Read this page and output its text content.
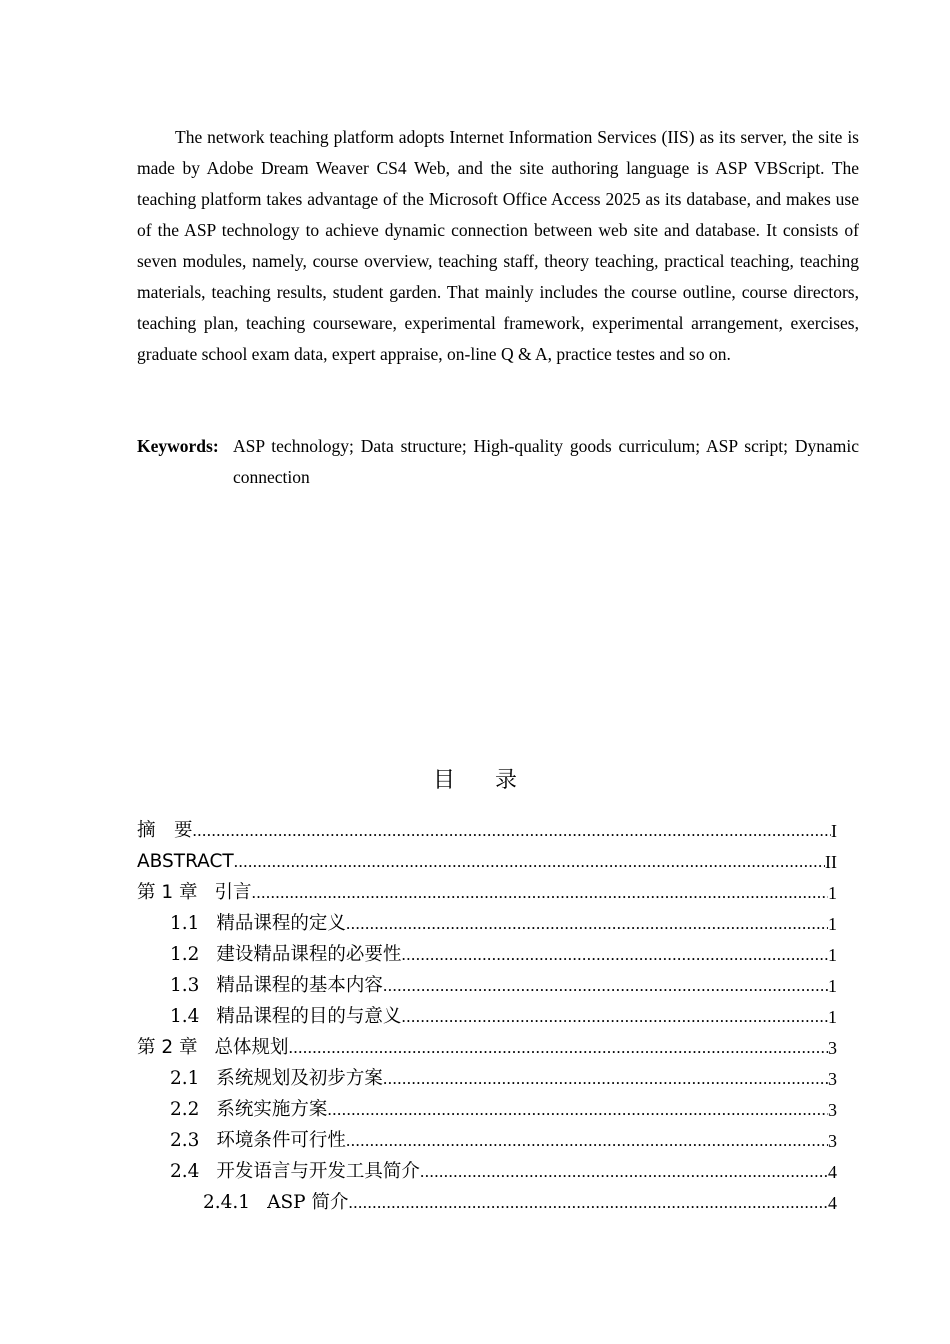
The network teaching platform adopts Internet Information Services (IIS) as its server, the site is made by Adobe Dream Weaver CS4 Web, and the site authoring language is ASP VBScript. The teaching platform takes advantage of the Microsoft Office Access 2025 as its database, and makes use of the ASP technology to achieve dynamic connection between web site and database. It consists of seven modules, namely, course overview, teaching staff, theory teaching, practical teaching, teaching materials, teaching results, student garden. That mainly includes the course outline, course directors, teaching plan, teaching courseware, experimental framework, experimental arrangement, exercises, graduate school exam data, expert appraise, on-line Q & A, practice testes and so on.

Keywords: ASP technology; Data structure; High-quality goods curriculum; ASP script; Dynamic connection
目录
摘　要 .....	I
ABSTRACT .....	II
第 1 章 引言 .....	1
1.1 精品课程的定义 .....	1
1.2 建设精品课程的必要性 .....	1
1.3 精品课程的基本内容 .....	1
1.4 精品课程的目的与意义 .....	1
第 2 章 总体规划 .....	3
2.1 系统规划及初步方案 .....	3
2.2 系统实施方案 .....	3
2.3 环境条件可行性 .....	3
2.4 开发语言与开发工具简介 .....	4
2.4.1 ASP 简介 .....	4
